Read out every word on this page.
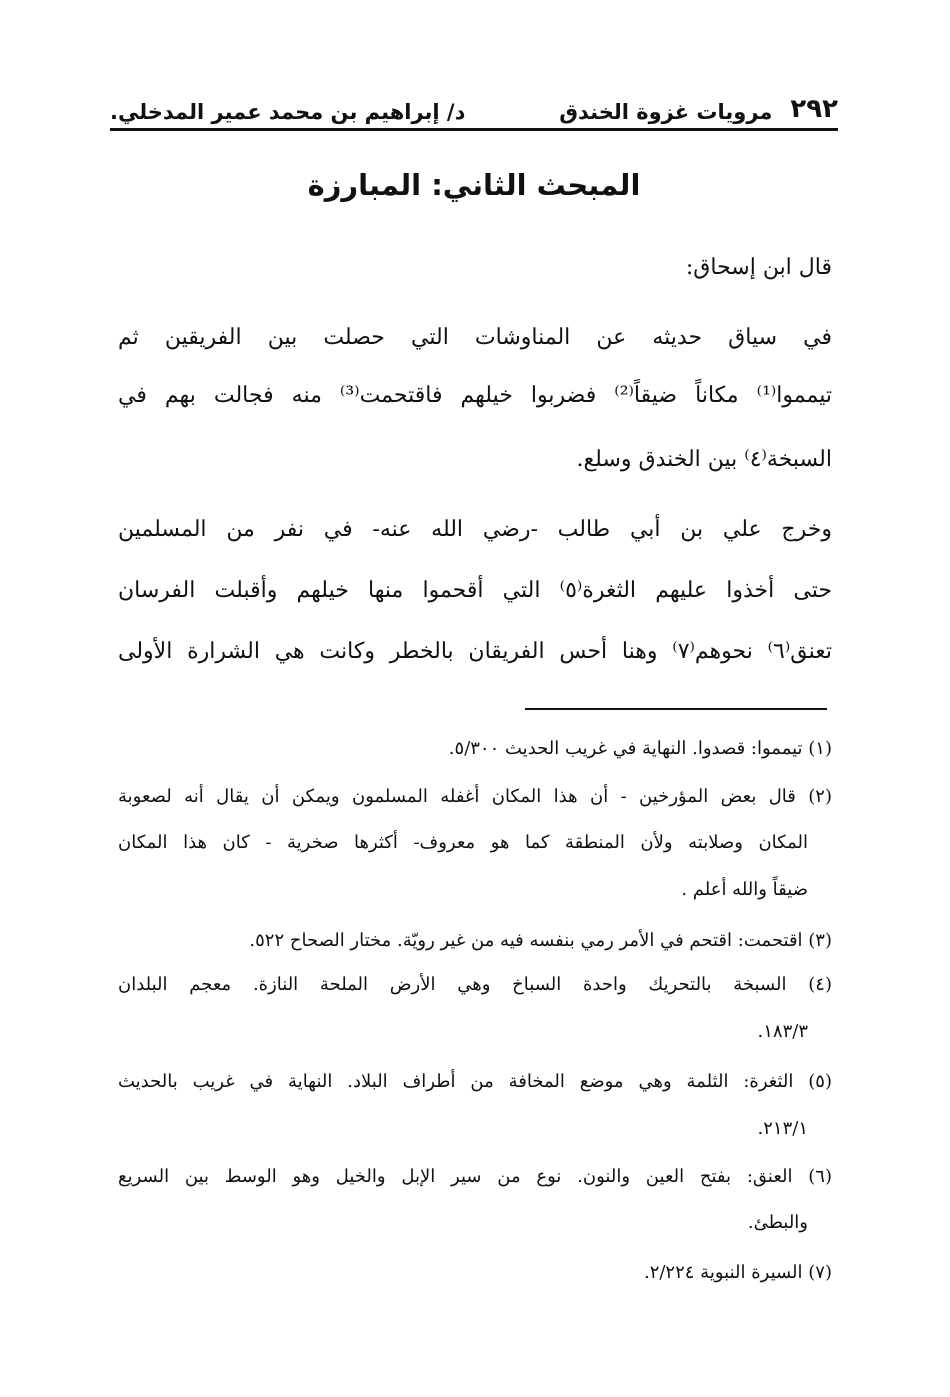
٢٩٢
مرويات غزوة الخندق
د/ إبراهيم بن محمد عمير المدخلي.
المبحث الثاني: المبارزة
قال ابن إسحاق:
في سياق حديثه عن المناوشات التي حصلت بين الفريقين ثم
تيمموا⁽¹⁾ مكاناً ضيقاً⁽²⁾ فضربوا خيلهم فاقتحمت⁽³⁾ منه فجالت بهم في
السبخة⁽٤⁾ بين الخندق وسلع.
وخرج علي بن أبي طالب -رضي الله عنه- في نفر من المسلمين
حتى أخذوا عليهم الثغرة⁽٥⁾ التي أقحموا منها خيلهم وأقبلت الفرسان
تعنق⁽٦⁾ نحوهم⁽٧⁾ وهنا أحس الفريقان بالخطر وكانت هي الشرارة الأولى
(١) تيمموا: قصدوا. النهاية في غريب الحديث ٥/٣٠٠.
(٢) قال بعض المؤرخين - أن هذا المكان أغفله المسلمون ويمكن أن يقال أنه لصعوبة
المكان وصلابته ولأن المنطقة كما هو معروف- أكثرها صخرية - كان هذا المكان
ضيقاً والله أعلم .
(٣) اقتحمت: اقتحم في الأمر رمي بنفسه فيه من غير رويّة. مختار الصحاح ٥٢٢.
(٤) السبخة بالتحريك واحدة السباخ وهي الأرض الملحة النازة. معجم البلدان
١٨٣/٣.
(٥) الثغرة: الثلمة وهي موضع المخافة من أطراف البلاد. النهاية في غريب بالحديث
٢١٣/١.
(٦) العنق: بفتح العين والنون. نوع من سير الإبل والخيل وهو الوسط بين السريع
والبطئ.
(٧) السيرة النبوية ٢/٢٢٤.
